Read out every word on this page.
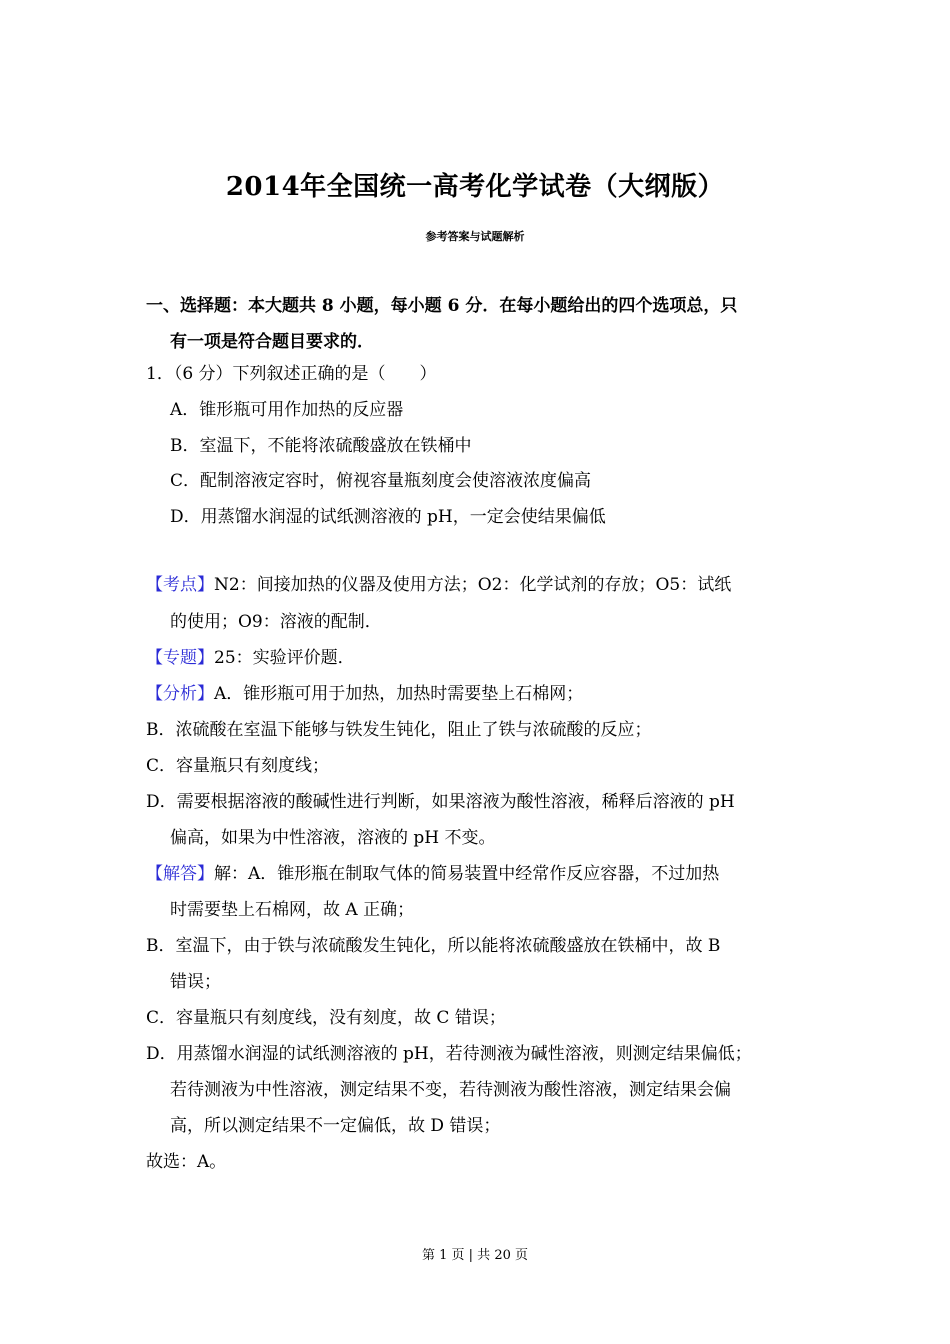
2014年全国统一高考化学试卷（大纲版）
参考答案与试题解析
一、选择题：本大题共 8 小题，每小题 6 分．在每小题给出的四个选项总，只
有一项是符合题目要求的．
1．（6 分）下列叙述正确的是（　　）
A．锥形瓶可用作加热的反应器
B．室温下，不能将浓硫酸盛放在铁桶中
C．配制溶液定容时，俯视容量瓶刻度会使溶液浓度偏高
D．用蒸馏水润湿的试纸测溶液的 pH，一定会使结果偏低
【考点】N2：间接加热的仪器及使用方法；O2：化学试剂的存放；O5：试纸
的使用；O9：溶液的配制．
【专题】25：实验评价题．
【分析】A．锥形瓶可用于加热，加热时需要垫上石棉网；
B．浓硫酸在室温下能够与铁发生钝化，阻止了铁与浓硫酸的反应；
C．容量瓶只有刻度线；
D．需要根据溶液的酸碱性进行判断，如果溶液为酸性溶液，稀释后溶液的 pH
偏高，如果为中性溶液，溶液的 pH 不变。
【解答】解：A．锥形瓶在制取气体的简易装置中经常作反应容器，不过加热
时需要垫上石棉网，故 A 正确；
B．室温下，由于铁与浓硫酸发生钝化，所以能将浓硫酸盛放在铁桶中，故 B
错误；
C．容量瓶只有刻度线，没有刻度，故 C 错误；
D．用蒸馏水润湿的试纸测溶液的 pH，若待测液为碱性溶液，则测定结果偏低；
若待测液为中性溶液，测定结果不变，若待测液为酸性溶液，测定结果会偏
高，所以测定结果不一定偏低，故 D 错误；
故选：A。
第 1 页 | 共 20 页
